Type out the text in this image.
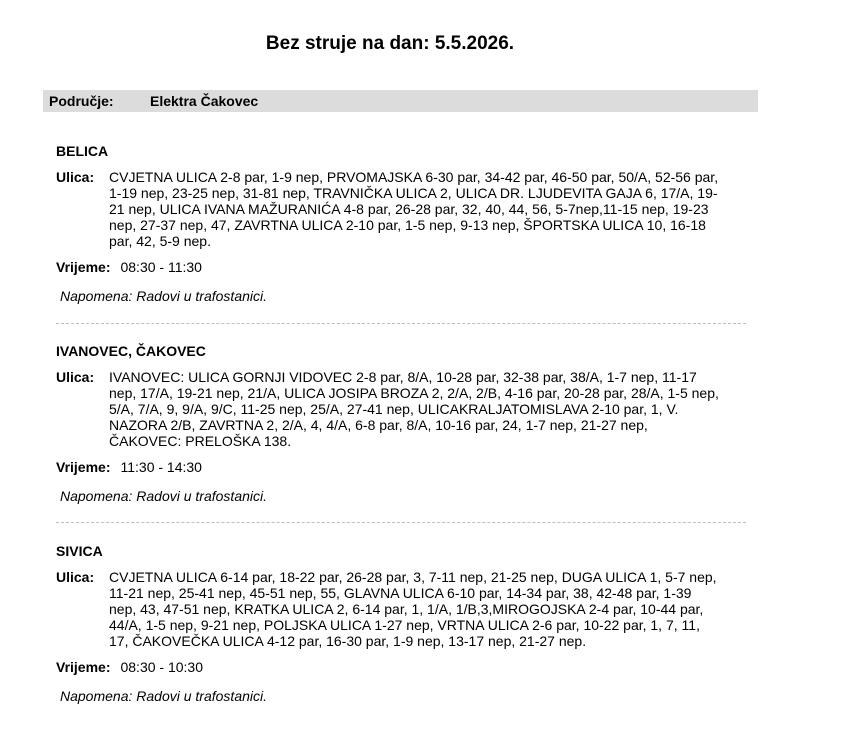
Bez struje na dan: 5.5.2026.
Područje:	Elektra Čakovec
BELICA
Ulica: CVJETNA ULICA 2-8 par, 1-9 nep, PRVOMAJSKA 6-30 par, 34-42 par, 46-50 par, 50/A, 52-56 par, 1-19 nep, 23-25 nep, 31-81 nep, TRAVNIČKA ULICA 2, ULICA DR. LJUDEVITA GAJA 6, 17/A, 19-21 nep, ULICA IVANA MAŽURANIĆA 4-8 par, 26-28 par, 32, 40, 44, 56, 5-7nep,11-15 nep, 19-23 nep, 27-37 nep, 47, ZAVRTNA ULICA 2-10 par, 1-5 nep, 9-13 nep, ŠPORTSKA ULICA 10, 16-18 par, 42, 5-9 nep.
Vrijeme: 08:30 - 11:30
Napomena: Radovi u trafostanici.
IVANOVEC, ČAKOVEC
Ulica: IVANOVEC: ULICA GORNJI VIDOVEC 2-8 par, 8/A, 10-28 par, 32-38 par, 38/A, 1-7 nep, 11-17 nep, 17/A, 19-21 nep, 21/A, ULICA JOSIPA BROZA 2, 2/A, 2/B, 4-16 par, 20-28 par, 28/A, 1-5 nep, 5/A, 7/A, 9, 9/A, 9/C, 11-25 nep, 25/A, 27-41 nep, ULICAKRALJATOMISLAVA 2-10 par, 1, V. NAZORA 2/B, ZAVRTNA 2, 2/A, 4, 4/A, 6-8 par, 8/A, 10-16 par, 24, 1-7 nep, 21-27 nep, ČAKOVEC: PRELOŠKA 138.
Vrijeme: 11:30 - 14:30
Napomena: Radovi u trafostanici.
SIVICA
Ulica: CVJETNA ULICA 6-14 par, 18-22 par, 26-28 par, 3, 7-11 nep, 21-25 nep, DUGA ULICA 1, 5-7 nep, 11-21 nep, 25-41 nep, 45-51 nep, 55, GLAVNA ULICA 6-10 par, 14-34 par, 38, 42-48 par, 1-39 nep, 43, 47-51 nep, KRATKA ULICA 2, 6-14 par, 1, 1/A, 1/B,3,MIROGOJSKA 2-4 par, 10-44 par, 44/A, 1-5 nep, 9-21 nep, POLJSKA ULICA 1-27 nep, VRTNA ULICA 2-6 par, 10-22 par, 1, 7, 11, 17, ČAKOVEČKA ULICA 4-12 par, 16-30 par, 1-9 nep, 13-17 nep, 21-27 nep.
Vrijeme: 08:30 - 10:30
Napomena: Radovi u trafostanici.
